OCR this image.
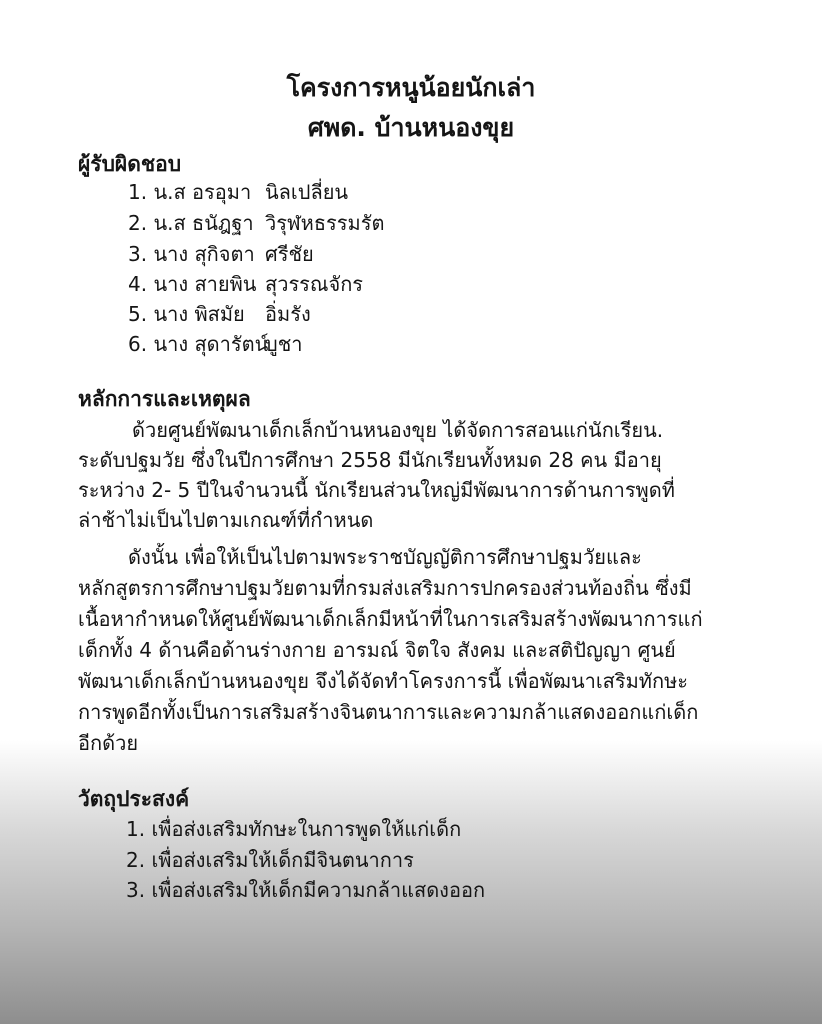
โครงการหนูน้อยนักเล่า
ศพด. บ้านหนองขุย
ผู้รับผิดชอบ
1. น.ส อรอุมา นิลเปลี่ยน
2. น.ส ธนัฎฐา วิรุฬหธรรมรัต
3. นาง สุกิจตา ศรีชัย
4. นาง สายพิน สุวรรณจักร
5. นาง พิสมัย อิ่มรัง
6. นาง สุดารัตน์
บูชา
หลักการและเหตุผล
ด้วยศูนย์พัฒนาเด็กเล็กบ้านหนองขุย ได้จัดการสอนแก่นักเรียน.
ระดับปฐมวัย ซึ่งในปีการศึกษา 2558 มีนักเรียนทั้งหมด 28 คน มีอายุ
ระหว่าง 2- 5 ปีในจำนวนนี้ นักเรียนส่วนใหญ่มีพัฒนาการด้านการพูดที่
ล่าช้าไม่เป็นไปตามเกณฑ์ที่กำหนด
ดังนั้น เพื่อให้เป็นไปตามพระราชบัญญัติการศึกษาปฐมวัยและ
หลักสูตรการศึกษาปฐมวัยตามที่กรมส่งเสริมการปกครองส่วนท้องถิ่น ซึ่งมี
เนื้อหากำหนดให้ศูนย์พัฒนาเด็กเล็กมีหน้าที่ในการเสริมสร้างพัฒนาการแก่
เด็กทั้ง 4 ด้านคือด้านร่างกาย อารมณ์ จิตใจ สังคม และสติปัญญา ศูนย์
พัฒนาเด็กเล็กบ้านหนองขุย จึงได้จัดทำโครงการนี้ เพื่อพัฒนาเสริมทักษะ
การพูดอีกทั้งเป็นการเสริมสร้างจินตนาการและความกล้าแสดงออกแก่เด็ก
อีกด้วย
วัตถุประสงค์
1. เพื่อส่งเสริมทักษะในการพูดให้แก่เด็ก
2. เพื่อส่งเสริมให้เด็กมีจินตนาการ
3. เพื่อส่งเสริมให้เด็กมีความกล้าแสดงออก
